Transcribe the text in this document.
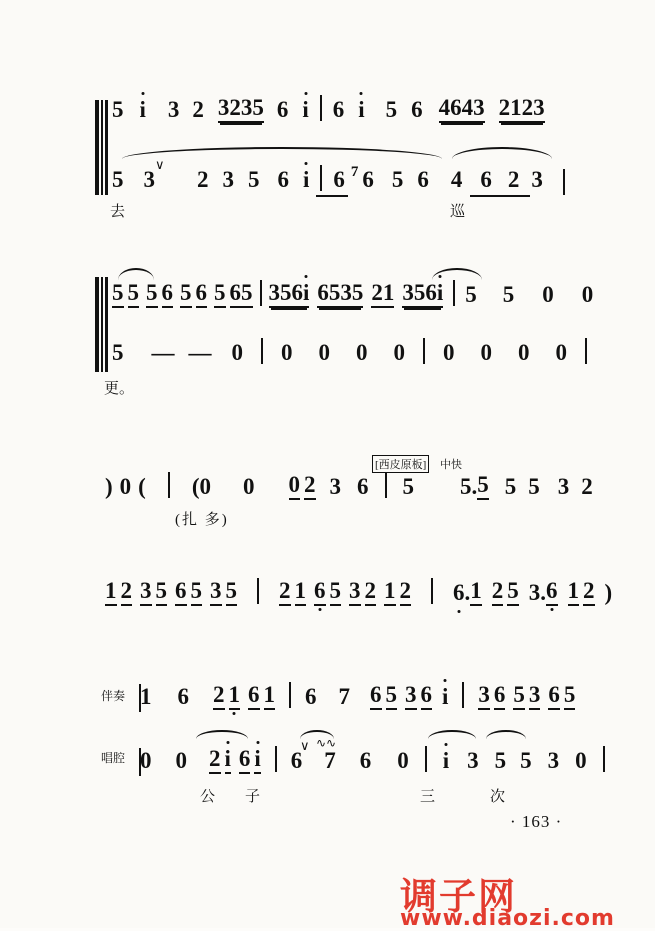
5 i 3 2 3235 6 i 6 i 5 6 4643 2123
∨
5 3 2 3 5 6 i 6 7 6 5 6 4 6 2 3
去	巡
5 5 5 6 5 6 5 65 356i 6535 21 356i 5 5 0 0
5 — — 0 0 0 0 0 0 0 0 0
更。
[西皮原板] 中快
) 0 ( (0 0 0 2 3 6 5 5.5 5 5 3 2
(扎 多)
1 2 3 5 6 5 3 5 2 1 6 5 3 2 1 2 6.1 2 5 3.6 1 2 )
伴奏
唱腔
1 6 2 1 6 1 6 7 6 5 3 6 i 3 6 5 3 6 5
∨ ∿∿
0 0 2 i 6 i 6 7 6 0 i 3 5 5 3 0
公 子	三	次
· 163 ·
调子网
www.diaozi.com
